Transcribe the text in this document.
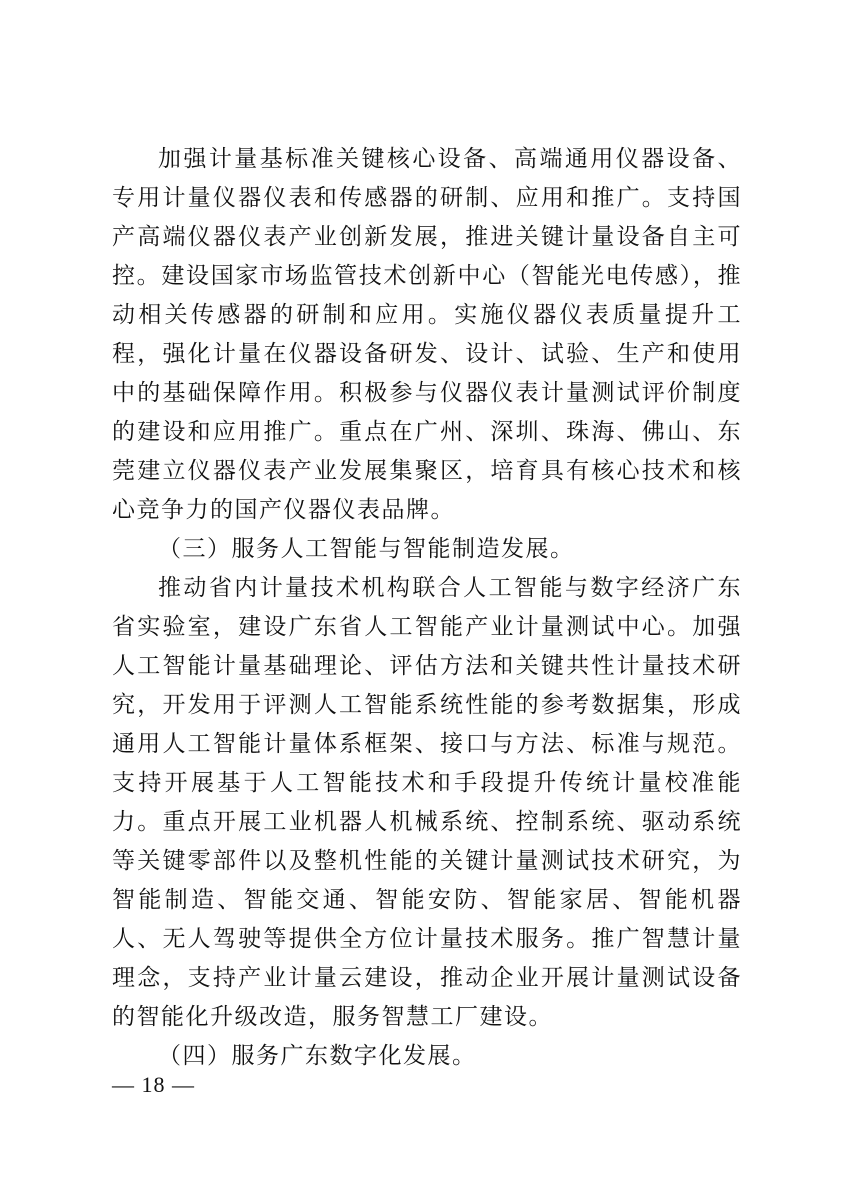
加强计量基标准关键核心设备、高端通用仪器设备、专用计量仪器仪表和传感器的研制、应用和推广。支持国产高端仪器仪表产业创新发展，推进关键计量设备自主可控。建设国家市场监管技术创新中心（智能光电传感），推动相关传感器的研制和应用。实施仪器仪表质量提升工程，强化计量在仪器设备研发、设计、试验、生产和使用中的基础保障作用。积极参与仪器仪表计量测试评价制度的建设和应用推广。重点在广州、深圳、珠海、佛山、东莞建立仪器仪表产业发展集聚区，培育具有核心技术和核心竞争力的国产仪器仪表品牌。

（三）服务人工智能与智能制造发展。

推动省内计量技术机构联合人工智能与数字经济广东省实验室，建设广东省人工智能产业计量测试中心。加强人工智能计量基础理论、评估方法和关键共性计量技术研究，开发用于评测人工智能系统性能的参考数据集，形成通用人工智能计量体系框架、接口与方法、标准与规范。支持开展基于人工智能技术和手段提升传统计量校准能力。重点开展工业机器人机械系统、控制系统、驱动系统等关键零部件以及整机性能的关键计量测试技术研究，为智能制造、智能交通、智能安防、智能家居、智能机器人、无人驾驶等提供全方位计量技术服务。推广智慧计量理念，支持产业计量云建设，推动企业开展计量测试设备的智能化升级改造，服务智慧工厂建设。

（四）服务广东数字化发展。

— 18 —
